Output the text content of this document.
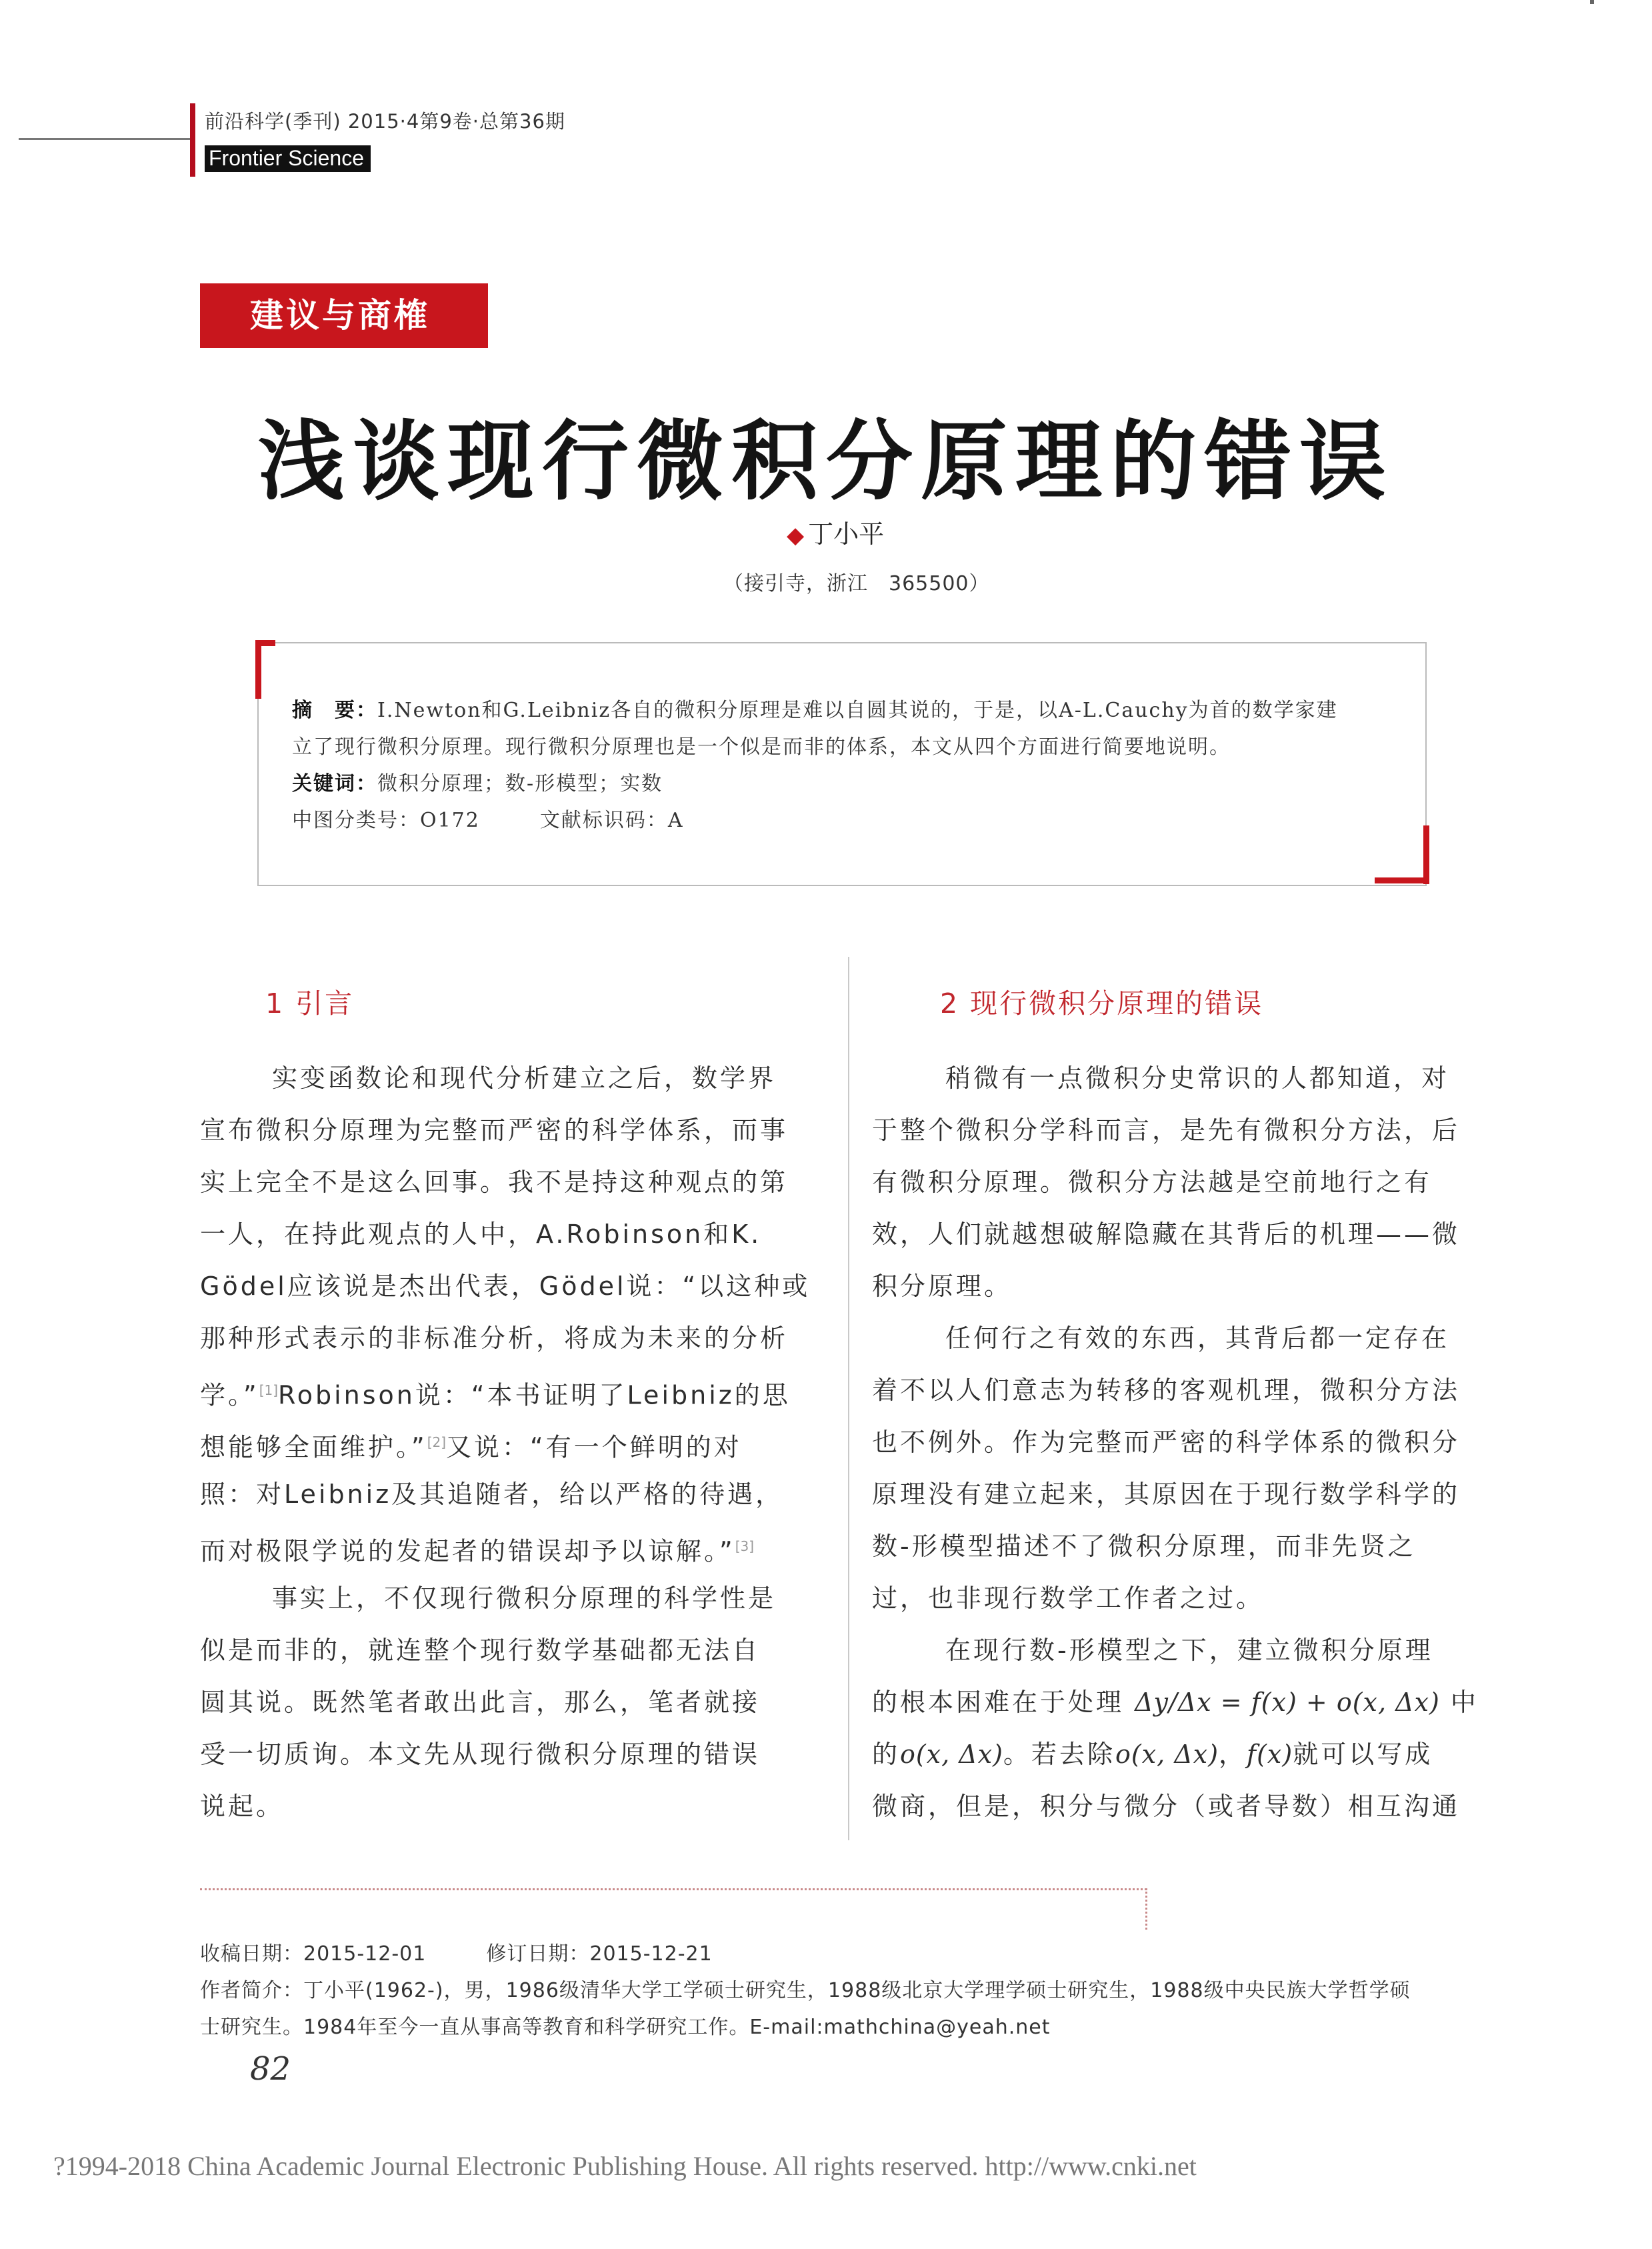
前沿科学(季刊) 2015·4第9卷·总第36期
Frontier Science
建议与商榷
浅谈现行微积分原理的错误
◆ 丁小平
（接引寺，浙江　365500）
摘　要：I.Newton和G.Leibniz各自的微积分原理是难以自圆其说的，于是，以A-L.Cauchy为首的数学家建
立了现行微积分原理。现行微积分原理也是一个似是而非的体系，本文从四个方面进行简要地说明。
关键词：微积分原理；数-形模型；实数
中图分类号：O172	文献标识码：A
1 引言
实变函数论和现代分析建立之后，数学界
宣布微积分原理为完整而严密的科学体系，而事
实上完全不是这么回事。我不是持这种观点的第
一人，在持此观点的人中，A.Robinson和K.
Gödel应该说是杰出代表，Gödel说：“以这种或
那种形式表示的非标准分析，将成为未来的分析
学。”[1]Robinson说：“本书证明了Leibniz的思
想能够全面维护。”[2]又说：“有一个鲜明的对
照：对Leibniz及其追随者，给以严格的待遇，
而对极限学说的发起者的错误却予以谅解。”[3]
事实上，不仅现行微积分原理的科学性是
似是而非的，就连整个现行数学基础都无法自
圆其说。既然笔者敢出此言，那么，笔者就接
受一切质询。本文先从现行微积分原理的错误
说起。
2 现行微积分原理的错误
稍微有一点微积分史常识的人都知道，对
于整个微积分学科而言，是先有微积分方法，后
有微积分原理。微积分方法越是空前地行之有
效，人们就越想破解隐藏在其背后的机理——微
积分原理。
任何行之有效的东西，其背后都一定存在
着不以人们意志为转移的客观机理，微积分方法
也不例外。作为完整而严密的科学体系的微积分
原理没有建立起来，其原因在于现行数学科学的
数-形模型描述不了微积分原理，而非先贤之
过，也非现行数学工作者之过。
在现行数-形模型之下，建立微积分原理
的根本困难在于处理 Δy/Δx = f(x) + o(x, Δx) 中
的o(x, Δx)。若去除o(x, Δx)，f(x)就可以写成
微商，但是，积分与微分（或者导数）相互沟通
收稿日期：2015-12-01	修订日期：2015-12-21
作者简介：丁小平(1962-)，男，1986级清华大学工学硕士研究生，1988级北京大学理学硕士研究生，1988级中央民族大学哲学硕
士研究生。1984年至今一直从事高等教育和科学研究工作。E-mail:mathchina@yeah.net
82
?1994-2018 China Academic Journal Electronic Publishing House. All rights reserved. http://www.cnki.net
